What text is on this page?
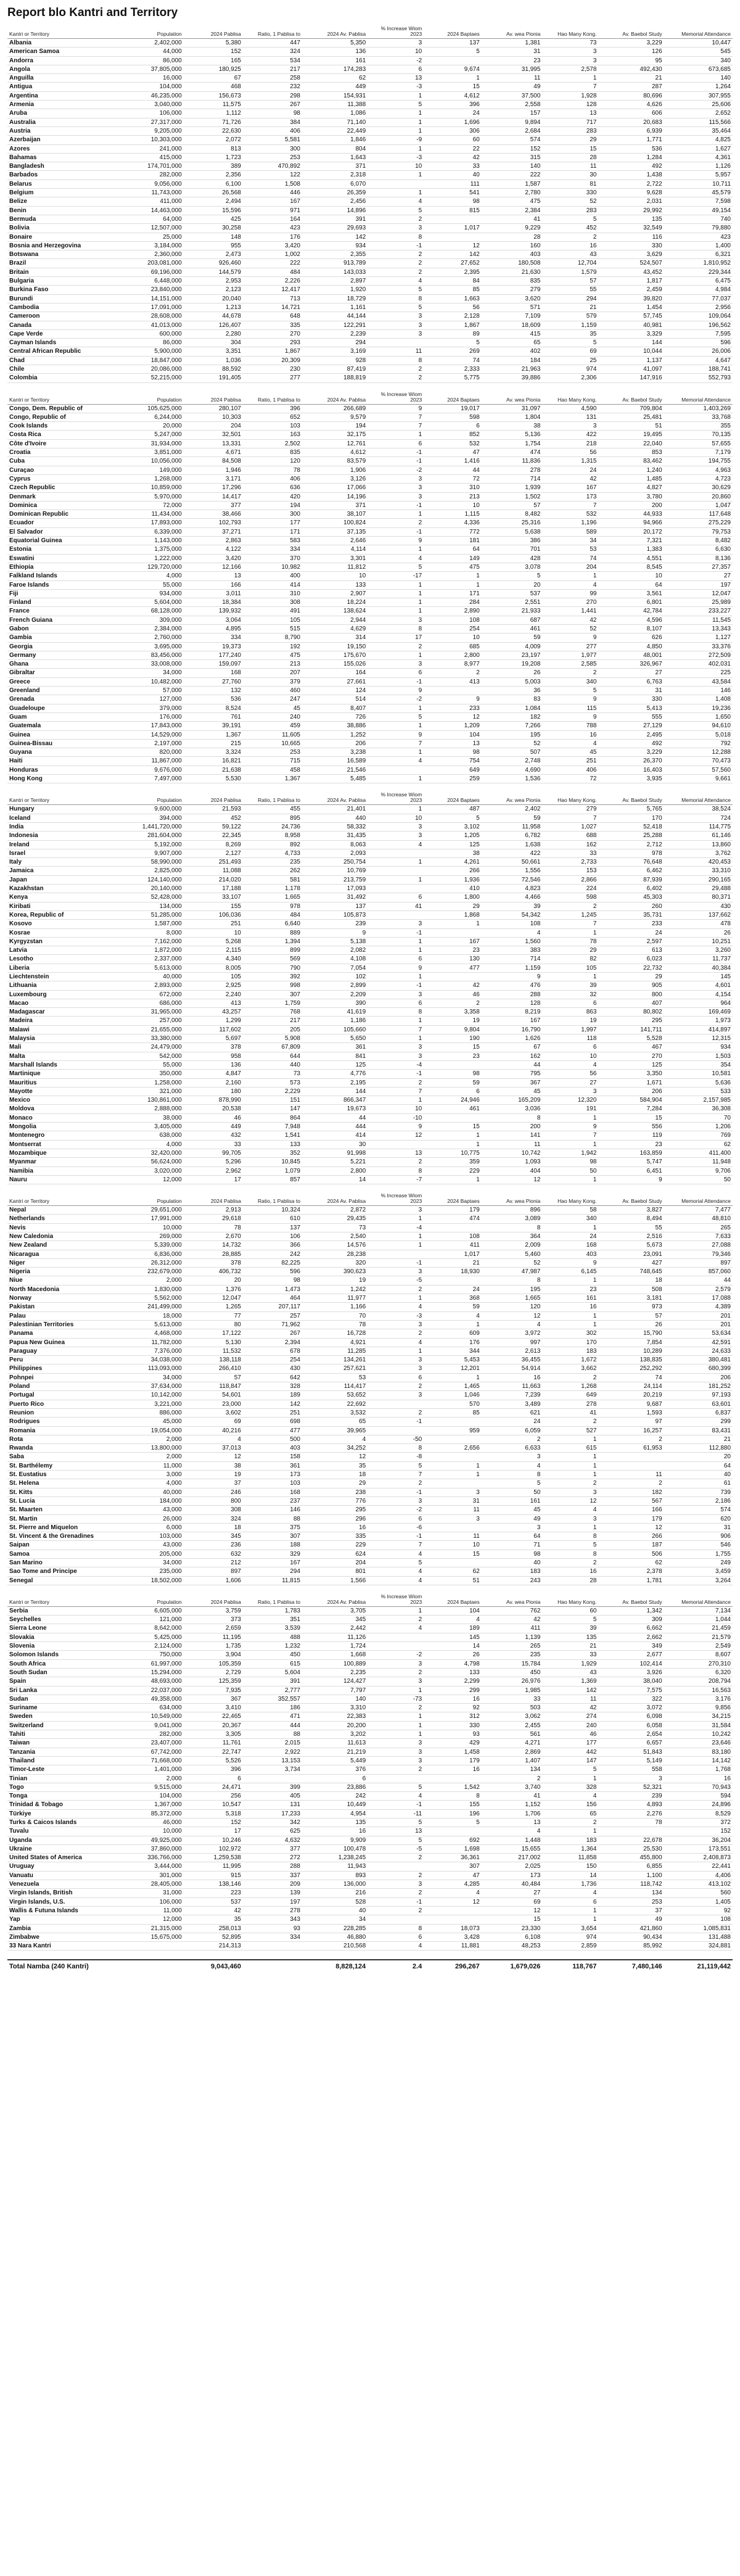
Report blo Kantri and Territory
Kantri or Territory	Population	2024 Pablisa	Ratio, 1 Pablisa to	2024 Av. Pablisa	% Increase Wiom 2023	2024 Baptaes	Av. wea Pionia	Hao Many Kong.	Av. Baebol Study	Memorial Attendance
Albania	2,402,000	5,380	447	5,350	3	137	1,381	73	3,229	10,447
American Samoa	44,000	152	324	136	10	5	31	3	126	545
Andorra	86,000	165	534	161	-2		23	3	95	340
Angola	37,805,000	180,925	217	174,283	6	9,674	31,995	2,578	492,430	673,685
Anguilla	16,000	67	258	62	13	1	11	1	21	140
Antigua	104,000	468	232	449	-3	15	49	7	287	1,264
Argentina	46,235,000	156,673	298	154,931	1	4,612	37,500	1,928	80,696	307,955
Armenia	3,040,000	11,575	267	11,388	5	396	2,558	128	4,626	25,606
Aruba	106,000	1,112	98	1,086	1	24	157	13	606	2,652
Australia	27,317,000	71,726	384	71,140	1	1,696	9,894	717	20,683	115,566
Austria	9,205,000	22,630	406	22,449	1	306	2,684	283	6,939	35,464
Azerbaijan	10,303,000	2,072	5,581	1,846	-9	60	574	29	1,771	4,825
Azores	241,000	813	300	804	1	22	152	15	536	1,627
Bahamas	415,000	1,723	253	1,643	-3	42	315	28	1,284	4,361
Bangladesh	174,701,000	389	470,892	371	10	33	140	11	492	1,126
Barbados	282,000	2,356	122	2,318	1	40	222	30	1,438	5,957
Belarus	9,056,000	6,100	1,508	6,070		111	1,587	81	2,722	10,711
Belgium	11,743,000	26,568	446	26,359	1	541	2,780	330	9,628	45,579
Belize	411,000	2,494	167	2,456	4	98	475	52	2,031	7,598
Benin	14,463,000	15,596	971	14,896	5	815	2,384	283	29,992	49,154
Bermuda	64,000	425	164	391	2		41	5	135	740
Bolivia	12,507,000	30,258	423	29,693	3	1,017	9,229	452	32,549	79,880
Bonaire	25,000	148	176	142	8		28	2	116	423
Bosnia and Herzegovina	3,184,000	955	3,420	934	-1	12	160	16	330	1,400
Botswana	2,360,000	2,473	1,002	2,355	2	142	403	43	3,629	6,321
Brazil	203,081,000	926,460	222	913,789	2	27,652	180,508	12,704	524,507	1,810,952
Britain	69,196,000	144,579	484	143,033	2	2,395	21,630	1,579	43,452	229,344
Bulgaria	6,448,000	2,953	2,226	2,897	4	84	835	57	1,817	6,475
Burkina Faso	23,840,000	2,123	12,417	1,920	5	85	279	55	2,459	4,984
Burundi	14,151,000	20,040	713	18,729	8	1,663	3,620	294	39,820	77,037
Cambodia	17,091,000	1,213	14,721	1,161	5	56	571	21	1,454	2,956
Cameroon	28,608,000	44,678	648	44,144	3	2,128	7,109	579	57,745	109,064
Canada	41,013,000	126,407	335	122,291	3	1,867	18,609	1,159	40,981	196,562
Cape Verde	600,000	2,280	270	2,239	3	89	415	35	3,329	7,595
Cayman Islands	86,000	304	293	294		5	65	5	144	596
Central African Republic	5,900,000	3,351	1,867	3,169	11	269	402	69	10,044	26,006
Chad	18,847,000	1,036	20,309	928	8	74	184	25	1,137	4,647
Chile	20,086,000	88,592	230	87,419	2	2,333	21,963	974	41,097	188,741
Colombia	52,215,000	191,405	277	188,819	2	5,775	39,886	2,306	147,916	552,793
Kantri or Territory	Population	2024 Pablisa	Ratio, 1 Pablisa to	2024 Av. Pablisa	% Increase Wiom 2023	2024 Baptaes	Av. wea Pionia	Hao Many Kong.	Av. Baebol Study	Memorial Attendance
Congo, Dem. Republic of	105,625,000	280,107	396	266,689	9	19,017	31,097	4,590	709,804	1,403,269
Congo, Republic of	6,244,000	10,303	652	9,579	7	598	1,804	131	25,481	33,768
Cook Islands	20,000	204	103	194	7	6	38	3	51	355
Costa Rica	5,247,000	32,501	163	32,175	1	852	5,136	422	19,495	70,135
Côte d'Ivoire	31,934,000	13,331	2,502	12,761	6	532	1,754	218	22,040	57,655
Croatia	3,851,000	4,671	835	4,612	-1	47	474	56	853	7,179
Cuba	10,056,000	84,508	120	83,579	-1	1,416	11,836	1,315	83,462	194,755
Curaçao	149,000	1,946	78	1,906	-2	44	278	24	1,240	4,963
Cyprus	1,268,000	3,171	406	3,126	3	72	714	42	1,485	4,723
Czech Republic	10,859,000	17,296	636	17,066	3	310	1,939	167	4,827	30,629
Denmark	5,970,000	14,417	420	14,196	3	213	1,502	173	3,780	20,860
Dominica	72,000	377	194	371	-1	10	57	7	200	1,047
Dominican Republic	11,434,000	38,466	300	38,107	1	1,115	8,482	532	44,933	117,648
Ecuador	17,893,000	102,793	177	100,824	2	4,336	25,316	1,196	94,966	275,229
El Salvador	6,339,000	37,271	171	37,135	-1	772	5,638	589	20,172	79,753
Equatorial Guinea	1,143,000	2,863	583	2,646	9	181	386	34	7,321	8,482
Estonia	1,375,000	4,122	334	4,114	1	64	701	53	1,383	6,630
Eswatini	1,222,000	3,420	370	3,301	4	149	428	74	4,551	8,136
Ethiopia	129,720,000	12,166	10,982	11,812	5	475	3,078	204	8,545	27,357
Falkland Islands	4,000	13	400	10	-17	1	5	1	10	27
Faroe Islands	55,000	166	414	133	1	1	20	4	64	197
Fiji	934,000	3,011	310	2,907	1	171	537	99	3,561	12,047
Finland	5,604,000	18,384	308	18,224	1	284	2,551	270	6,801	25,989
France	68,128,000	139,932	491	138,624	1	2,890	21,933	1,441	42,784	233,227
French Guiana	309,000	3,064	105	2,944	3	108	687	42	4,596	11,545
Gabon	2,384,000	4,895	515	4,629	8	254	461	52	8,107	13,343
Gambia	2,760,000	334	8,790	314	17	10	59	9	626	1,127
Georgia	3,695,000	19,373	192	19,150	2	685	4,009	277	4,850	33,376
Germany	83,456,000	177,240	475	175,670	1	2,800	23,197	1,977	48,001	272,509
Ghana	33,008,000	159,097	213	155,026	3	8,977	19,208	2,585	326,967	402,031
Gibraltar	34,000	168	207	164	6	2	26	2	27	225
Greece	10,482,000	27,760	379	27,661	-1	413	5,003	340	6,763	43,584
Greenland	57,000	132	460	124	9		36	5	31	146
Grenada	127,000	536	247	514	-2	9	83	9	330	1,408
Guadeloupe	379,000	8,524	45	8,407	1	233	1,084	115	5,413	19,236
Guam	176,000	761	240	726	5	12	182	9	555	1,650
Guatemala	17,843,000	39,191	459	38,886	1	1,209	7,266	788	27,129	94,610
Guinea	14,529,000	1,367	11,605	1,252	9	104	195	16	2,495	5,018
Guinea-Bissau	2,197,000	215	10,665	206	7	13	52	4	492	792
Guyana	820,000	3,324	253	3,238	1	98	507	45	3,229	12,288
Haiti	11,867,000	16,821	715	16,589	4	754	2,748	251	26,370	70,473
Honduras	9,676,000	21,638	458	21,546		649	4,690	406	16,403	57,560
Hong Kong	7,497,000	5,530	1,367	5,485	1	259	1,536	72	3,935	9,661
Kantri or Territory	Population	2024 Pablisa	Ratio, 1 Pablisa to	2024 Av. Pablisa	% Increase Wiom 2023	2024 Baptaes	Av. wea Pionia	Hao Many Kong.	Av. Baebol Study	Memorial Attendance
Hungary	9,600,000	21,593	455	21,401	1	487	2,402	279	5,765	38,524
Iceland	394,000	452	895	440	10	5	59	7	170	724
India	1,441,720,000	59,122	24,736	58,332	3	3,102	11,958	1,027	52,418	114,775
Indonesia	281,604,000	22,345	8,958	31,435	3	1,205	6,782	688	25,288	61,146
Ireland	5,192,000	8,269	892	8,063	4	125	1,638	162	2,712	13,860
Israel	9,907,000	2,127	4,733	2,093		38	422	33	978	3,762
Italy	58,990,000	251,493	235	250,754	1	4,261	50,661	2,733	76,648	420,453
Jamaica	2,825,000	11,088	262	10,769		266	1,556	153	6,462	33,310
Japan	124,140,000	214,020	581	213,759	1	1,936	72,546	2,866	87,939	290,165
Kazakhstan	20,140,000	17,188	1,178	17,093		410	4,823	224	6,402	29,488
Kenya	52,428,000	33,107	1,665	31,492	6	1,800	4,466	598	45,303	80,371
Kiribati	134,000	155	978	137	41	29	39	2	260	430
Korea, Republic of	51,285,000	106,036	484	105,873		1,868	54,342	1,245	35,731	137,662
Kosovo	1,587,000	251	6,640	239	3	1	108	7	233	478
Kosrae	8,000	10	889	9	-1		4	1	24	26
Kyrgyzstan	7,162,000	5,268	1,394	5,138	1	167	1,560	78	2,597	10,251
Latvia	1,872,000	2,115	899	2,082	1	23	383	29	613	3,260
Lesotho	2,337,000	4,340	569	4,108	6	130	714	82	6,023	11,737
Liberia	5,613,000	8,005	790	7,054	9	477	1,159	105	22,732	40,384
Liechtenstein	40,000	105	392	102	1		9	1	29	145
Lithuania	2,893,000	2,925	998	2,899	-1	42	476	39	905	4,601
Luxembourg	672,000	2,240	307	2,209	3	46	288	32	800	4,154
Macao	686,000	413	1,759	390	6	2	128	6	407	964
Madagascar	31,965,000	43,257	768	41,619	8	3,358	8,219	863	80,802	169,469
Madeira	257,000	1,299	217	1,186	1	19	167	19	295	1,973
Malawi	21,655,000	117,602	205	105,660	7	9,804	16,790	1,997	141,711	414,897
Malaysia	33,380,000	5,697	5,908	5,650	1	190	1,626	118	5,528	12,315
Mali	24,479,000	378	67,809	361	3	15	67	6	467	934
Malta	542,000	958	644	841	3	23	162	10	270	1,503
Marshall Islands	55,000	136	440	125	-4		44	4	125	354
Martinique	350,000	4,847	73	4,776	-1	98	795	56	3,350	10,581
Mauritius	1,258,000	2,160	573	2,195	2	59	367	27	1,671	5,636
Mayotte	321,000	180	2,229	144	7	6	45	3	206	533
Mexico	130,861,000	878,990	151	866,347	1	24,946	165,209	12,320	584,904	2,157,985
Moldova	2,888,000	20,538	147	19,673	10	461	3,036	191	7,284	36,308
Monaco	38,000	46	864	44	-10		8	1	15	70
Mongolia	3,405,000	449	7,948	444	9	15	200	9	556	1,206
Montenegro	638,000	432	1,541	414	12	1	141	7	119	769
Montserrat	4,000	33	133	30		1	11	1	23	62
Mozambique	32,420,000	99,705	352	91,998	13	10,775	10,742	1,942	163,859	411,400
Myanmar	56,624,000	5,296	10,845	5,221	2	359	1,093	98	5,747	11,948
Namibia	3,020,000	2,962	1,079	2,800	8	229	404	50	6,451	9,706
Nauru	12,000	17	857	14	-7	1	12	1	9	50
Kantri or Territory	Population	2024 Pablisa	Ratio, 1 Pablisa to	2024 Av. Pablisa	% Increase Wiom 2023	2024 Baptaes	Av. wea Pionia	Hao Many Kong.	Av. Baebol Study	Memorial Attendance
Nepal	29,651,000	2,913	10,324	2,872	3	179	896	58	3,827	7,477
Netherlands	17,991,000	29,618	610	29,435	1	474	3,089	340	8,494	48,810
Nevis	10,000	78	137	73	-4		8	1	55	265
New Caledonia	269,000	2,670	106	2,540	1	108	364	24	2,516	7,633
New Zealand	5,339,000	14,732	366	14,576	1	411	2,009	168	5,673	27,088
Nicaragua	6,836,000	28,885	242	28,238		1,017	5,460	403	23,091	79,346
Niger	26,312,000	378	82,225	320	-1	21	52	9	427	897
Nigeria	232,679,000	406,732	596	390,623	3	18,930	47,987	6,145	748,645	857,060
Niue	2,000	20	98	19	-5		8	1	18	44
North Macedonia	1,830,000	1,376	1,473	1,242	2	24	195	23	508	2,579
Norway	5,562,000	12,047	464	11,977	1	368	1,665	161	3,181	17,088
Pakistan	241,499,000	1,265	207,117	1,166	4	59	120	16	973	4,389
Palau	18,000	77	257	70	-3	4	12	1	57	201
Palestinian Territories	5,613,000	80	71,962	78	3	1	4	1	26	201
Panama	4,468,000	17,122	267	16,728	2	609	3,972	302	15,790	53,634
Papua New Guinea	11,782,000	5,130	2,394	4,921	4	176	997	170	7,854	42,591
Paraguay	7,376,000	11,532	678	11,285	1	344	2,613	183	10,289	24,633
Peru	34,038,000	138,118	254	134,261	3	5,453	36,455	1,672	138,835	380,481
Philippines	113,093,000	266,410	430	257,621	3	12,201	54,914	3,662	252,292	680,399
Pohnpei	34,000	57	642	53	6	1	16	2	74	206
Poland	37,634,000	118,847	328	114,417	2	1,465	11,663	1,268	24,114	181,252
Portugal	10,142,000	54,601	189	53,652	3	1,046	7,239	649	20,219	97,193
Puerto Rico	3,221,000	23,000	142	22,692		570	3,489	278	9,687	63,601
Reunion	886,000	3,602	251	3,532	2	85	621	41	1,593	6,837
Rodrigues	45,000	69	698	65	-1		24	2	97	299
Romania	19,054,000	40,216	477	39,965		959	6,059	527	16,257	83,431
Rota	2,000	4	500	4	-50		2	1	2	21
Rwanda	13,800,000	37,013	403	34,252	8	2,656	6,633	615	61,953	112,880
Saba	2,000	12	158	12	-8		3	1		20
St. Barthélemy	11,000	38	361	35	5	1	4	1		64
St. Eustatius	3,000	19	173	18	7	1	8	1	11	40
St. Helena	4,000	37	103	29	2		5	2	2	61
St. Kitts	40,000	246	168	238	-1	3	50	3	182	739
St. Lucia	184,000	800	237	776	3	31	161	12	567	2,186
St. Maarten	43,000	308	146	295	-2	11	45	4	166	574
St. Martin	26,000	324	88	296	6	3	49	3	179	620
St. Pierre and Miquelon	6,000	18	375	16	-6		3	1	12	31
St. Vincent & the Grenadines	103,000	345	307	335	-1	11	64	8	266	906
Saipan	43,000	236	188	229	7	10	71	5	187	546
Samoa	205,000	632	329	624	4	15	98	8	506	1,755
San Marino	34,000	212	167	204	5		40	2	62	249
Sao Tome and Principe	235,000	897	294	801	4	62	183	16	2,378	3,459
Senegal	18,502,000	1,606	11,815	1,566	4	51	243	28	1,781	3,264
Kantri or Territory	Population	2024 Pablisa	Ratio, 1 Pablisa to	2024 Av. Pablisa	% Increase Wiom 2023	2024 Baptaes	Av. wea Pionia	Hao Many Kong.	Av. Baebol Study	Memorial Attendance
Serbia	6,605,000	3,759	1,783	3,705	1	104	762	60	1,342	7,134
Seychelles	121,000	373	351	345	2	4	42	5	309	1,044
Sierra Leone	8,642,000	2,659	3,539	2,442	4	189	411	39	6,662	21,459
Slovakia	5,425,000	11,195	488	11,126		145	1,139	135	2,662	21,579
Slovenia	2,124,000	1,735	1,232	1,724		14	265	21	349	2,549
Solomon Islands	750,000	3,904	450	1,668	-2	26	235	33	2,677	8,607
South Africa	61,997,000	105,359	615	100,889	3	4,798	15,784	1,929	102,414	270,310
South Sudan	15,294,000	2,729	5,604	2,235	2	133	450	43	3,926	6,320
Spain	48,693,000	125,359	391	124,427	3	2,299	26,976	1,369	38,040	208,794
Sri Lanka	22,037,000	7,935	2,777	7,797	1	299	1,985	142	7,575	16,563
Sudan	49,358,000	367	352,557	140	-73	16	33	11	322	3,176
Suriname	634,000	3,410	186	3,310	2	92	503	42	3,072	9,856
Sweden	10,549,000	22,465	471	22,383	1	312	3,062	274	6,098	34,215
Switzerland	9,041,000	20,367	444	20,200	1	330	2,455	240	6,058	31,584
Tahiti	282,000	3,305	88	3,202	1	93	561	46	2,654	10,242
Taiwan	23,407,000	11,761	2,015	11,613	3	429	4,271	177	6,657	23,646
Tanzania	67,742,000	22,747	2,922	21,219	3	1,458	2,869	442	51,843	83,180
Thailand	71,668,000	5,526	13,153	5,449	3	179	1,407	147	5,149	14,142
Timor-Leste	1,401,000	396	3,734	376	2	16	134	5	558	1,768
Tinian	2,000	6		6			2	1	3	16
Togo	9,515,000	24,471	399	23,886	5	1,542	3,740	328	52,321	70,943
Tonga	104,000	256	405	242	4	8	41	4	239	594
Trinidad & Tobago	1,367,000	10,547	131	10,449	-1	155	1,152	156	4,893	24,896
Türkiye	85,372,000	5,318	17,233	4,954	-11	196	1,706	65	2,276	8,529
Turks & Caicos Islands	46,000	152	342	135	5	5	13	2	78	372
Tuvalu	10,000	17	625	16	13		4	1		152
Uganda	49,925,000	10,246	4,632	9,909	5	692	1,448	183	22,678	36,204
Ukraine	37,860,000	102,972	377	100,478	-5	1,698	15,655	1,364	25,530	173,551
United States of America	336,766,000	1,259,538	272	1,238,245	2	36,361	217,002	11,858	455,800	2,408,873
Uruguay	3,444,000	11,995	288	11,943		307	2,025	150	6,855	22,441
Vanuatu	301,000	915	337	893	2	47	173	14	1,100	4,406
Venezuela	28,405,000	138,146	209	136,000	3	4,285	40,484	1,736	118,742	413,102
Virgin Islands, British	31,000	223	139	216	2	4	27	4	134	560
Virgin Islands, U.S.	106,000	537	197	528	-1	12	69	6	253	1,405
Wallis & Futuna Islands	11,000	42	278	40	2		12	1	37	92
Yap	12,000	35	343	34			15	1	49	108
Zambia	21,315,000	258,013	93	228,285	8	18,073	23,330	3,654	421,860	1,085,831
Zimbabwe	15,675,000	52,895	334	46,880	6	3,428	6,108	974	90,434	131,488
33 Nara Kantri		214,313		210,568	4	11,881	48,253	2,859	85,992	324,881
Total Namba (240 Kantri)		9,043,460		8,828,124	2.4	296,267	1,679,026	118,767	7,480,146	21,119,442
